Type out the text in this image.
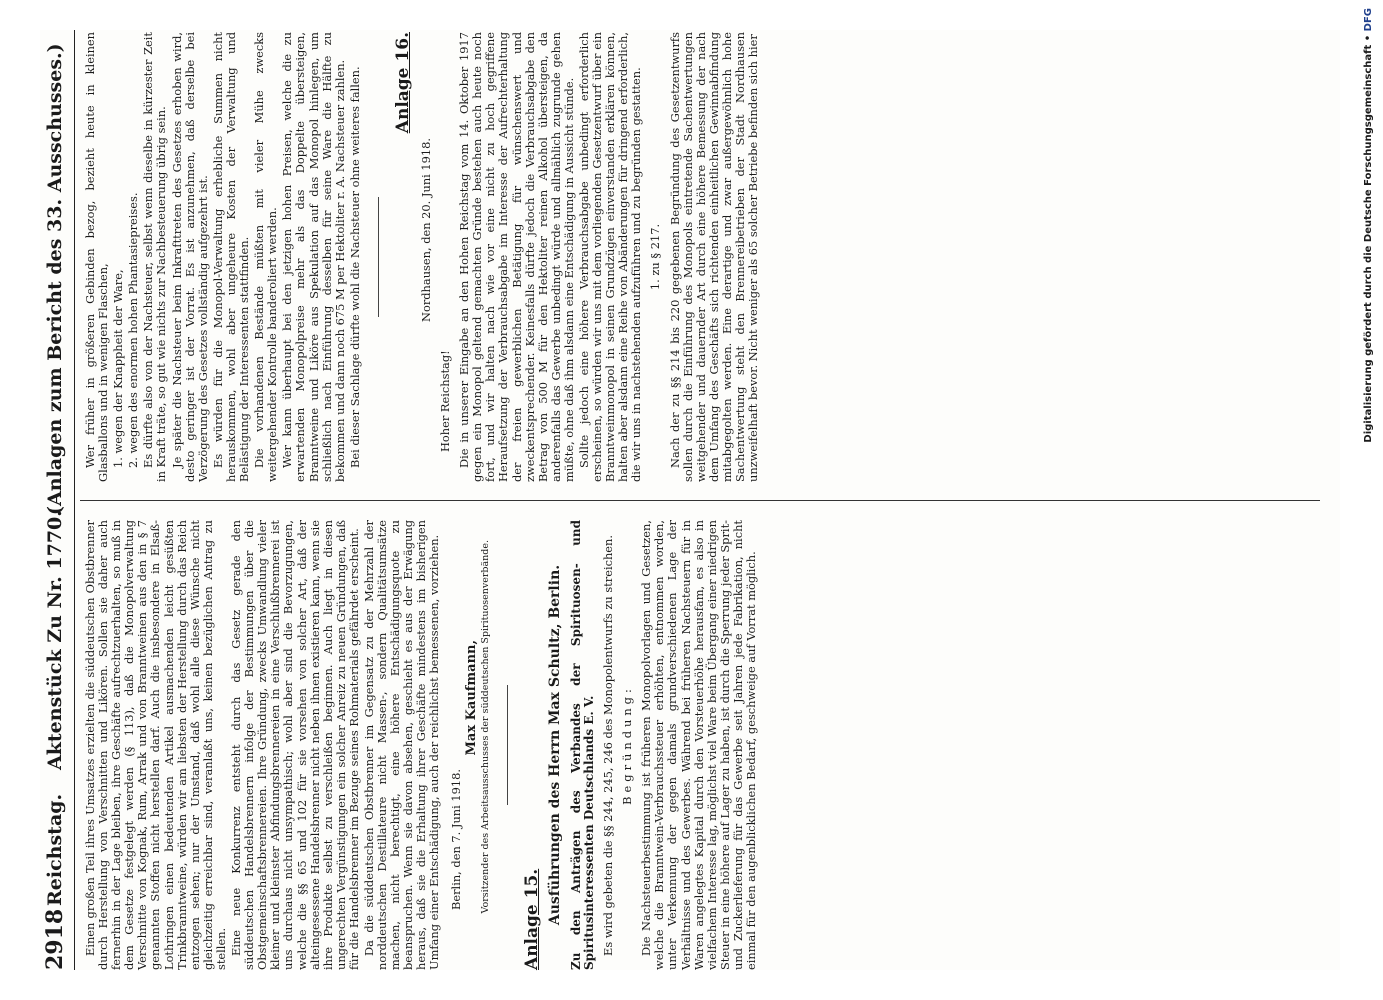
2918
Reichstag.
Aktenstück Zu Nr. 1770.
(Anlagen zum Bericht des 33. Ausschusses.)

Einen großen Teil ihres Umsatzes erzielten die süddeutschen Obstbrenner durch Herstellung von Verschnitten und Likören. Sollen sie daher auch fernerhin in der Lage bleiben, ihre Geschäfte aufrechtzuerhalten, so muß in dem Gesetze festgelegt werden (§ 113), daß die Monopolverwaltung Verschnitte von Kognak, Rum, Arrak und von Branntweinen aus den in § 7 genannten Stoffen nicht herstellen darf. Auch die insbesondere in Elsaß-Lothringen einen bedeutenden Artikel ausmachenden leicht gesüßten Trinkbranntweine, würden wir am liebsten der Herstellung durch das Reich entzogen sehen; nur der Umstand, daß wohl alle diese Wünsche nicht gleichzeitig erreichbar sind, veranlaßt uns, keinen bezüglichen Antrag zu stellen. Eine neue Konkurrenz entsteht durch das Gesetz gerade den süddeutschen Handelsbrennern infolge der Bestimmungen über die Obstgemeinschaftsbrennereien. Ihre Gründung, zwecks Umwandlung vieler kleiner und kleinster Abfindungsbrennereien in eine Verschlußbrennerei ist uns durchaus nicht unsympathisch; wohl aber sind die Bevorzugungen, welche die §§ 65 und 102 für sie vorsehen von solcher Art, daß der alteingesessene Handelsbrenner nicht neben ihnen existieren kann, wenn sie ihre Produkte selbst zu verschleißen beginnen. Auch liegt in diesen ungerechten Vergünstigungen ein solcher Anreiz zu neuen Gründungen, daß für die Handelsbrenner im Bezuge seines Rohmaterials gefährdet erscheint. Da die süddeutschen Obstbrenner im Gegensatz zu der Mehrzahl der norddeutschen Destillateure nicht Massen-, sondern Qualitätsumsätze machen, nicht berechtigt, eine höhere Entschädigungsquote zu beanspruchen. Wenn sie davon absehen, geschieht es aus der Erwägung heraus, daß sie die Erhaltung ihrer Geschäfte mindestens im bisherigen Umfang einer Entschädigung, auch der reichlichst bemessenen, vorziehen. Berlin, den 7. Juni 1918.

Max Kaufmann, Vorsitzender des Arbeitsausschusses der süddeutschen Spirituosenverbände.

Anlage 15. Ausführungen des Herrn Max Schultz, Berlin. Zu den Anträgen des Verbandes der Spirituosen- und Spiritusinteressenten Deutschlands E. V. Es wird gebeten die §§ 244, 245, 246 des Monopolentwurfs zu streichen. Begründung: Die Nachsteuerbestimmung ist früheren Monopolvorlagen und Gesetzen, welche die Branntwein-Verbrauchssteuer erhöhten, entnommen worden, unter Verkennung der gegen damals grundverschiedenen Lage der Verhältnisse und des Gewerbes. Während bei früheren Nachsteuern für in Waren angelegtes Kapital durch den Vorsteuerhöhe herausfam, es also in vielfachem Interesse lag, möglichst viel Ware beim Übergang einer niedrigen Steuer in eine höhere auf Lager zu haben, ist durch die Sperrung jeder Sprit- und Zuckerlieferung für das Gewerbe seit Jahren jede Fabrikation, nicht einmal für den augenblicklichen Bedarf, geschweige auf Vorrat möglich.

Wer früher in größeren Gebinden bezog, bezieht heute in kleinen Glasballons und in wenigen Flaschen, 1. wegen der Knappheit der Ware, 2. wegen des enormen hohen Phantasiepreises. Es dürfte also von der Nachsteuer, selbst wenn dieselbe in kürzester Zeit in Kraft träte, so gut wie nichts zur Nachbesteuerung übrig sein. Je später die Nachsteuer beim Inkrafttreten des Gesetzes erhoben wird, desto geringer ist der Vorrat. Es ist anzunehmen, daß derselbe bei Verzögerung des Gesetzes vollständig aufgezehrt ist. Es würden für die Monopol-Verwaltung erhebliche Summen nicht herauskommen, wohl aber ungeheure Kosten der Verwaltung und Belästigung der Interessenten stattfinden. Die vorhandenen Bestände müßten mit vieler Mühe zwecks weitergehender Kontrolle banderoliert werden. Wer kann überhaupt bei den jetzigen hohen Preisen, welche die zu erwartenden Monopolpreise mehr als das Doppelte übersteigen, Branntweine und Liköre aus Spekulation auf das Monopol hinlegen, um schließlich nach Einführung desselben für seine Ware die Hälfte zu bekommen und dann noch 675 M per Hektoliter r. A. Nachsteuer zahlen. Bei dieser Sachlage dürfte wohl die Nachsteuer ohne weiteres fallen. Anlage 16.

Nordhausen, den 20. Juni 1918.

Hoher Reichstag! Die in unserer Eingabe an den Hohen Reichstag vom 14. Oktober 1917 gegen ein Monopol geltend gemachten Gründe bestehen auch heute noch fort, und wir halten nach wie vor eine nicht zu hoch gegriffene Heraufsetzung der Verbrauchsabgabe im Interesse der Aufrechterhaltung der freien gewerblichen Betätigung für wünschenswert und zweckentsprechender. Keinesfalls dürfte jedoch die Verbrauchsabgabe den Betrag von 500 M für den Hektoliter reinen Alkohol übersteigen, da anderenfalls das Gewerbe unbedingt würde und allmählich zugrunde gehen müßte, ohne daß ihm alsdann eine Entschädigung in Aussicht stünde. Sollte jedoch eine höhere Verbrauchsabgabe unbedingt erforderlich erscheinen, so würden wir uns mit dem vorliegenden Gesetzentwurf über ein Branntweinmonopol in seinen Grundzügen einverstanden erklären können, halten aber alsdann eine Reihe von Abänderungen für dringend erforderlich, die wir uns in nachstehenden aufzuführen und zu begründen gestatten. 1. zu § 217. Nach der zu §§ 214 bis 220 gegebenen Begründung des Gesetzentwurfs sollen durch die Einführung des Monopols eintretende Sachentwertungen weitgehender und dauernder Art durch eine höhere Bemessung der nach dem Umfang des Geschäfts sich richtenden einheitlichen Gewinnabfindung mitabgegolten werden. Eine derartige und zwar außergewöhnlich hohe Sachentwertung steht den Brennereibetrieben der Stadt Nordhausen unzweifelhaft bevor. Nicht weniger als 65 solcher Betriebe befinden sich hier	Digitalisierung gefördert durch die Deutsche Forschungsgemeinschaft • DFG
